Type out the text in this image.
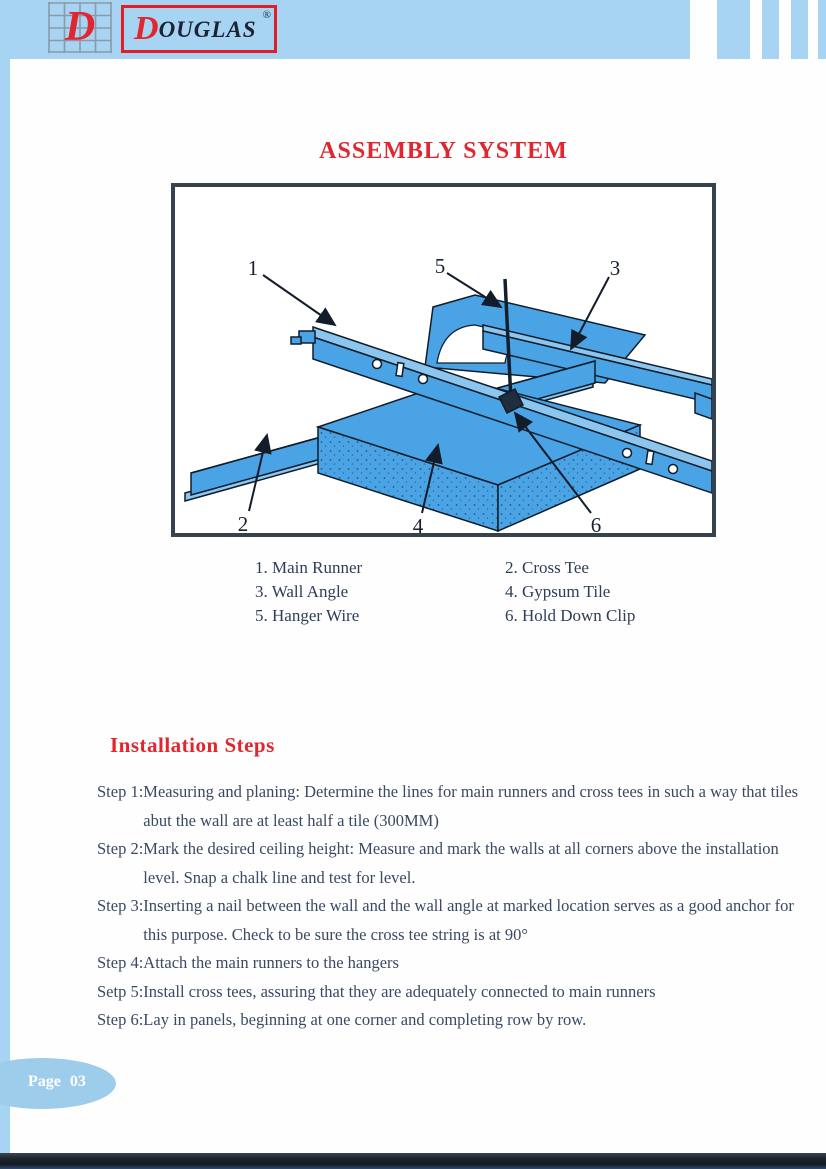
D	D OUGLAS
®
ASSEMBLY SYSTEM
1	5	3
2	4	6
1. Main Runner	2. Cross Tee
3. Wall Angle	4. Gypsum Tile
5. Hanger Wire	6. Hold Down Clip
Installation Steps
Step 1: Measuring and planing: Determine the lines for main runners and cross tees in such a way that tiles abut the wall are at least half a tile (300MM)
Step 2: Mark the desired ceiling height: Measure and mark the walls at all corners above the installation level. Snap a chalk line and test for level.
Step 3: Inserting a nail between the wall and the wall angle at marked location serves as a good anchor for this purpose. Check to be sure the cross tee string is at 90°
Step 4: Attach the main runners to the hangers
Setp 5: Install cross tees, assuring that they are adequately connected to main runners
Step 6: Lay in panels, beginning at one corner and completing row by row.
Page 03
